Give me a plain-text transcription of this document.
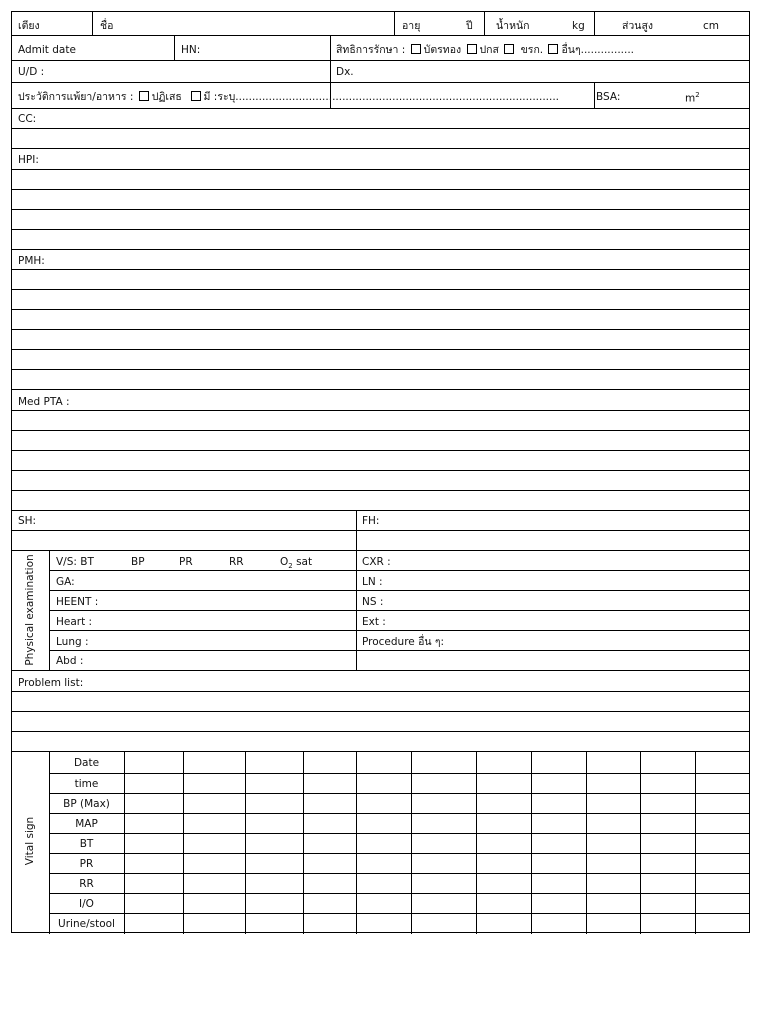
เตียง	ชื่อ	อายุ	ปี น้ำหนัก	kg	ส่วนสูง	cm
Admit date	HN:	สิทธิการรักษา : บัตรทอง ปกส ขรก. อื่นๆ................
U/D :	Dx.
ประวัติการแพ้ยา/อาหาร : ปฏิเสธ มี :ระบุ.................................................................................................	BSA:	$m^2$
CC:
HPI:
PMH:
Med PTA :
SH:	FH:
Physical examination V/S: BT	BP	PR	RR	$O_2$ sat	CXR :
GA:	LN :
HEENT :	NS :
Heart :	Ext :
Lung :	Procedure อื่น ๆ:
Abd :
Problem list:
Vital sign
Date
time
BP (Max)
MAP
BT
PR
RR
I/O
Urine/stool
